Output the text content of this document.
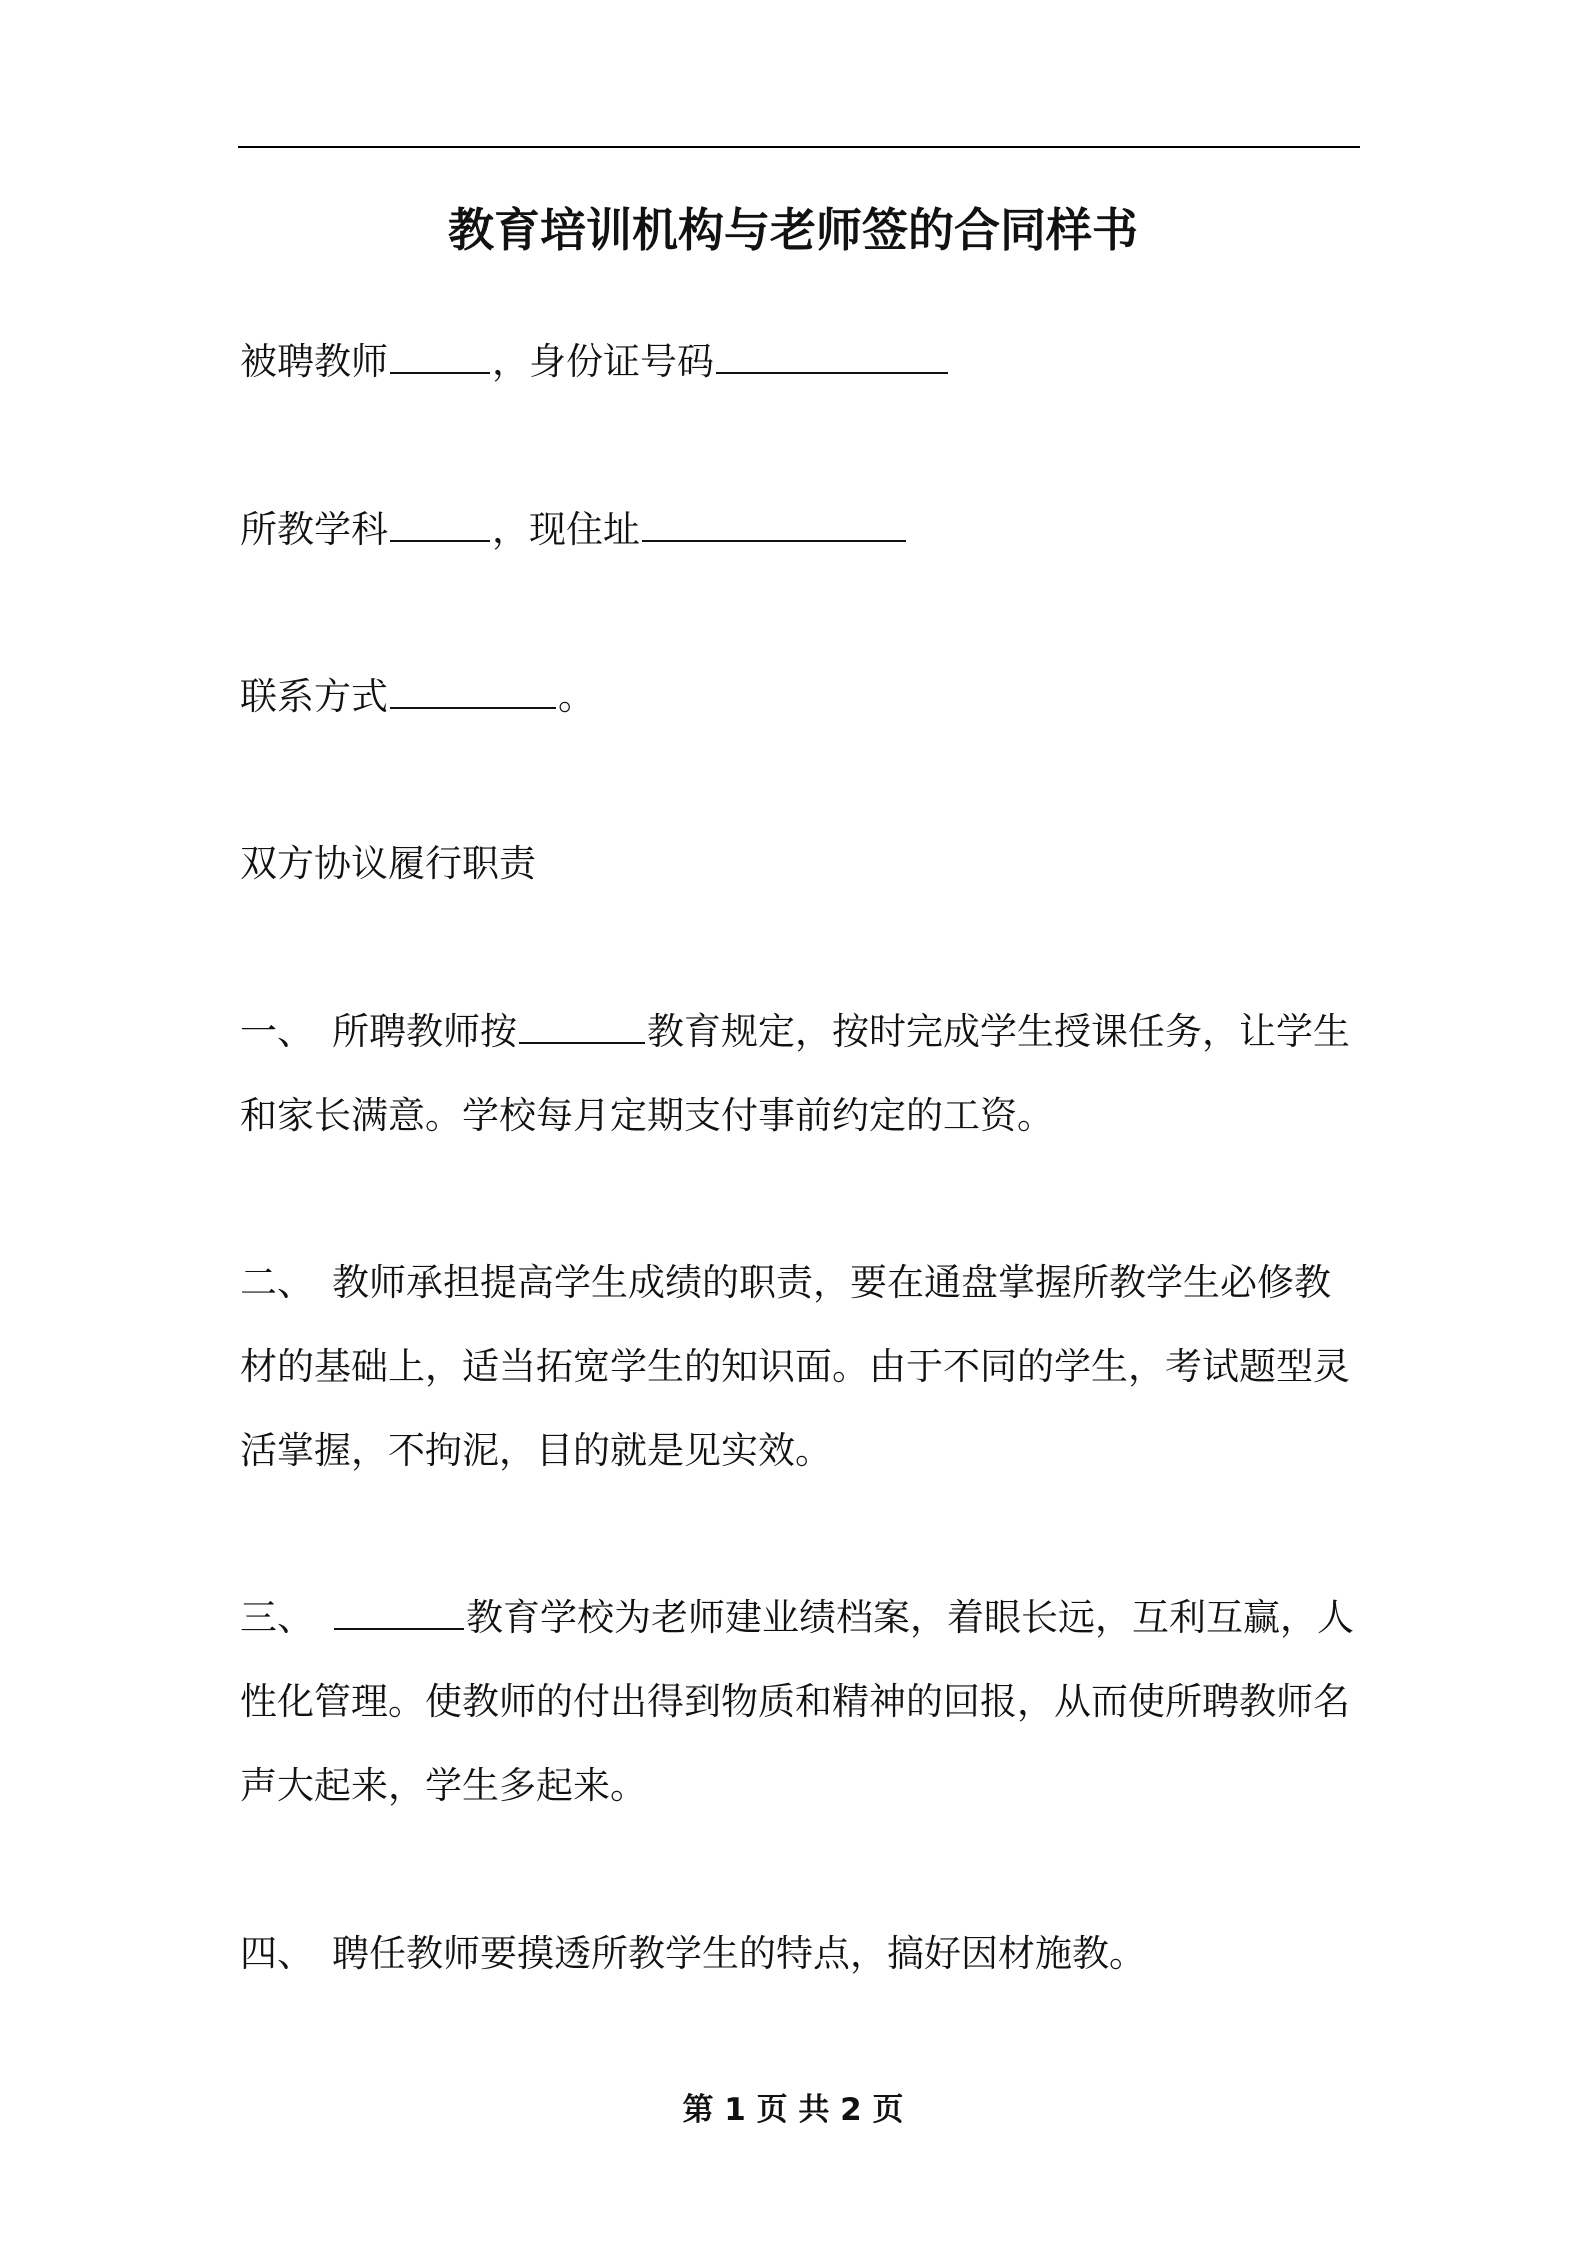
教育培训机构与老师签的合同样书
被聘教师	，身份证号码
所教学科	，现住址
联系方式	。
双方协议履行职责
一、 所聘教师按	教育规定，按时完成学生授课任务，让学生和家长满意。学校每月定期支付事前约定的工资。
二、 教师承担提高学生成绩的职责，要在通盘掌握所教学生必修教材的基础上，适当拓宽学生的知识面。由于不同的学生，考试题型灵活掌握，不拘泥，目的就是见实效。
三、	教育学校为老师建业绩档案，着眼长远，互利互赢，人性化管理。使教师的付出得到物质和精神的回报，从而使所聘教师名声大起来，学生多起来。
四、 聘任教师要摸透所教学生的特点，搞好因材施教。
第 1 页 共 2 页
